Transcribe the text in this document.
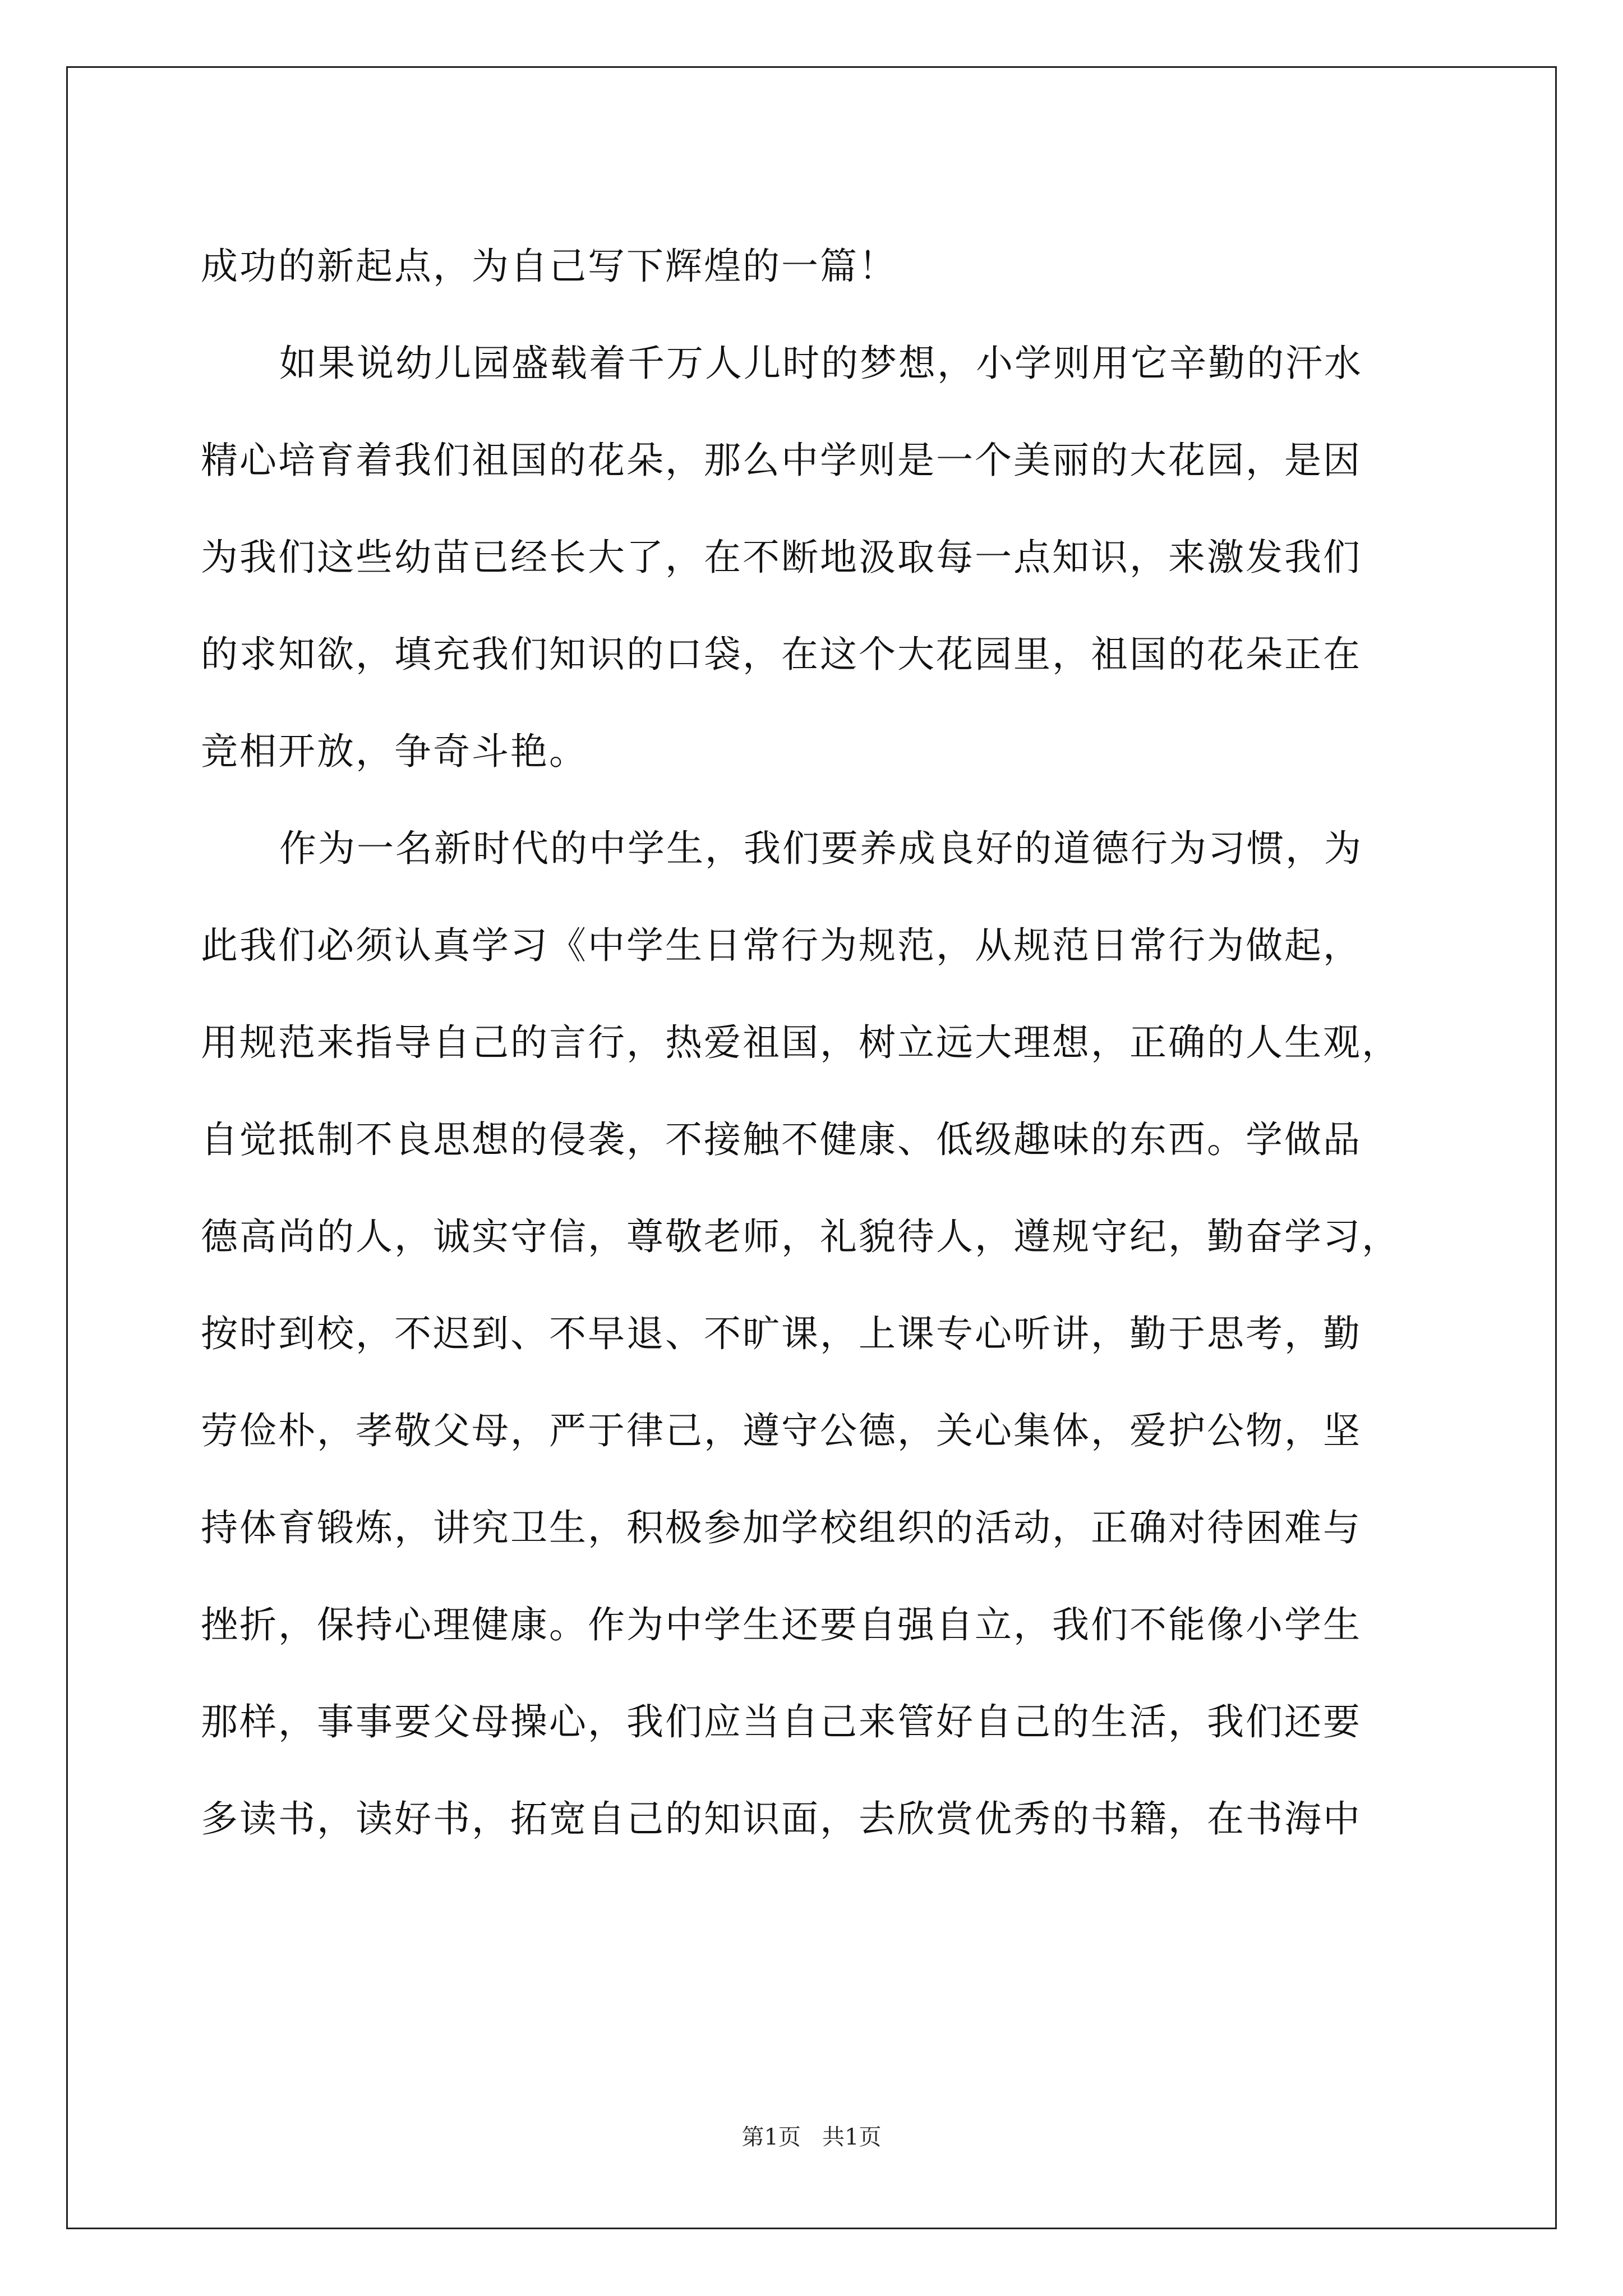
成功的新起点，为自己写下辉煌的一篇！
如果说幼儿园盛载着千万人儿时的梦想，小学则用它辛勤的汗水
精心培育着我们祖国的花朵，那么中学则是一个美丽的大花园，是因
为我们这些幼苗已经长大了，在不断地汲取每一点知识，来激发我们
的求知欲，填充我们知识的口袋，在这个大花园里，祖国的花朵正在
竞相开放，争奇斗艳。
作为一名新时代的中学生，我们要养成良好的道德行为习惯，为
此我们必须认真学习《中学生日常行为规范，从规范日常行为做起，
用规范来指导自己的言行，热爱祖国，树立远大理想，正确的人生观，
自觉抵制不良思想的侵袭，不接触不健康、低级趣味的东西。学做品
德高尚的人，诚实守信，尊敬老师，礼貌待人，遵规守纪，勤奋学习，
按时到校，不迟到、不早退、不旷课，上课专心听讲，勤于思考，勤
劳俭朴，孝敬父母，严于律己，遵守公德，关心集体，爱护公物，坚
持体育锻炼，讲究卫生，积极参加学校组织的活动，正确对待困难与
挫折，保持心理健康。作为中学生还要自强自立，我们不能像小学生
那样，事事要父母操心，我们应当自己来管好自己的生活，我们还要
多读书，读好书，拓宽自己的知识面，去欣赏优秀的书籍，在书海中
第1页   共1页
